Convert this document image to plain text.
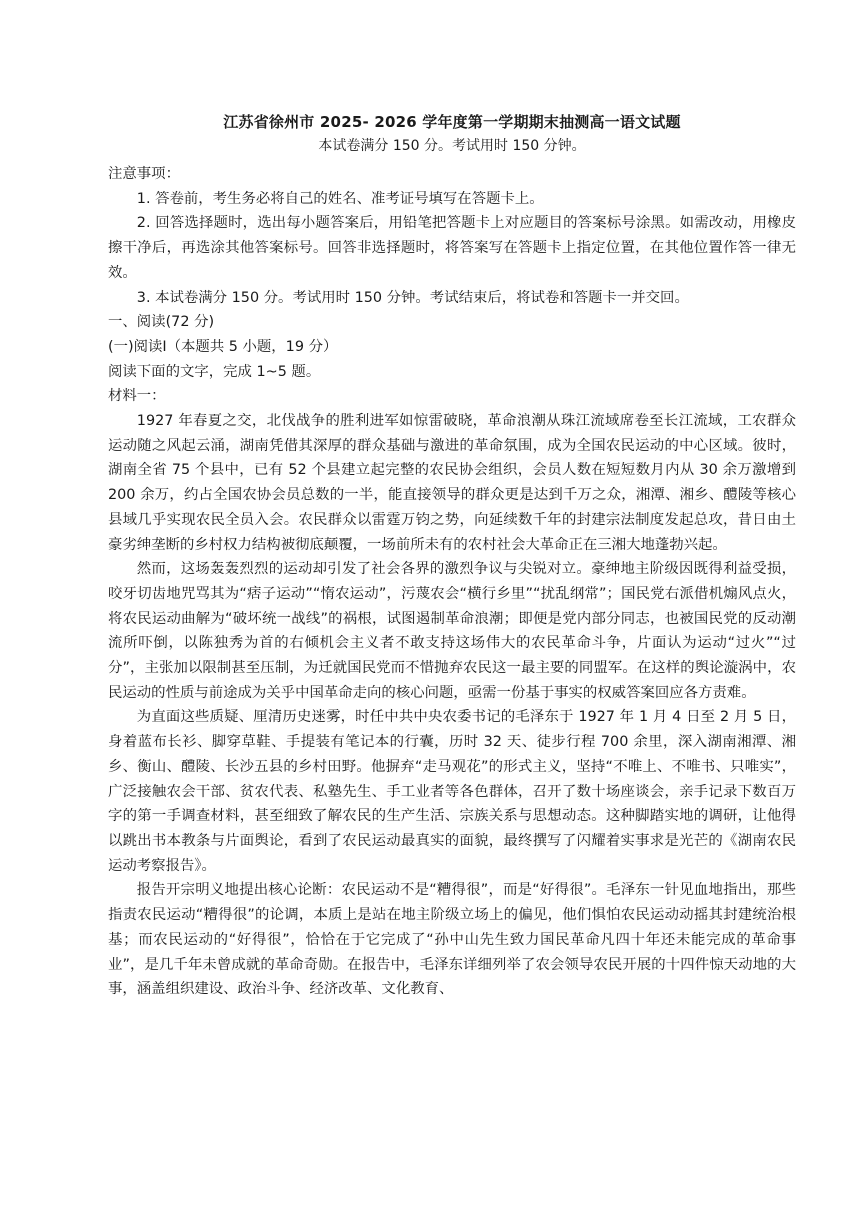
江苏省徐州市 2025- 2026 学年度第一学期期末抽测高一语文试题

本试卷满分 150 分。考试用时 150 分钟。

注意事项：

1. 答卷前，考生务必将自己的姓名、准考证号填写在答题卡上。

2. 回答选择题时，选出每小题答案后，用铅笔把答题卡上对应题目的答案标号涂黑。如需改动，用橡皮擦干净后，再选涂其他答案标号。回答非选择题时，将答案写在答题卡上指定位置，在其他位置作答一律无效。

3. 本试卷满分 150 分。考试用时 150 分钟。考试结束后，将试卷和答题卡一并交回。

一、阅读(72 分)

(一)阅读Ⅰ（本题共 5 小题，19 分）

阅读下面的文字，完成 1~5 题。

材料一：

1927 年春夏之交，北伐战争的胜利进军如惊雷破晓，革命浪潮从珠江流域席卷至长江流域，工农群众运动随之风起云涌，湖南凭借其深厚的群众基础与激进的革命氛围，成为全国农民运动的中心区域。彼时，湖南全省 75 个县中，已有 52 个县建立起完整的农民协会组织，会员人数在短短数月内从 30 余万激增到 200 余万，约占全国农协会员总数的一半，能直接领导的群众更是达到千万之众，湘潭、湘乡、醴陵等核心县域几乎实现农民全员入会。农民群众以雷霆万钧之势，向延续数千年的封建宗法制度发起总攻，昔日由土豪劣绅垄断的乡村权力结构被彻底颠覆，一场前所未有的农村社会大革命正在三湘大地蓬勃兴起。

然而，这场轰轰烈烈的运动却引发了社会各界的激烈争议与尖锐对立。豪绅地主阶级因既得利益受损，咬牙切齿地咒骂其为“痞子运动”“惰农运动”，污蔑农会“横行乡里”“扰乱纲常”；国民党右派借机煽风点火，将农民运动曲解为“破坏统一战线”的祸根，试图遏制革命浪潮；即便是党内部分同志，也被国民党的反动潮流所吓倒，以陈独秀为首的右倾机会主义者不敢支持这场伟大的农民革命斗争，片面认为运动“过火”“过分”，主张加以限制甚至压制，为迁就国民党而不惜抛弃农民这一最主要的同盟军。在这样的舆论漩涡中，农民运动的性质与前途成为关乎中国革命走向的核心问题，亟需一份基于事实的权威答案回应各方责难。

为直面这些质疑、厘清历史迷雾，时任中共中央农委书记的毛泽东于 1927 年 1 月 4 日至 2 月 5 日，身着蓝布长衫、脚穿草鞋、手提装有笔记本的行囊，历时 32 天、徒步行程 700 余里，深入湖南湘潭、湘乡、衡山、醴陵、长沙五县的乡村田野。他摒弃“走马观花”的形式主义，坚持“不唯上、不唯书、只唯实”，广泛接触农会干部、贫农代表、私塾先生、手工业者等各色群体，召开了数十场座谈会，亲手记录下数百万字的第一手调查材料，甚至细致了解农民的生产生活、宗族关系与思想动态。这种脚踏实地的调研，让他得以跳出书本教条与片面舆论，看到了农民运动最真实的面貌，最终撰写了闪耀着实事求是光芒的《湖南农民运动考察报告》。

报告开宗明义地提出核心论断：农民运动不是“糟得很”，而是“好得很”。毛泽东一针见血地指出，那些指责农民运动“糟得很”的论调，本质上是站在地主阶级立场上的偏见，他们惧怕农民运动动摇其封建统治根基；而农民运动的“好得很”，恰恰在于它完成了“孙中山先生致力国民革命凡四十年还未能完成的革命事业”，是几千年未曾成就的革命奇勋。在报告中，毛泽东详细列举了农会领导农民开展的十四件惊天动地的大事，涵盖组织建设、政治斗争、经济改革、文化教育、
